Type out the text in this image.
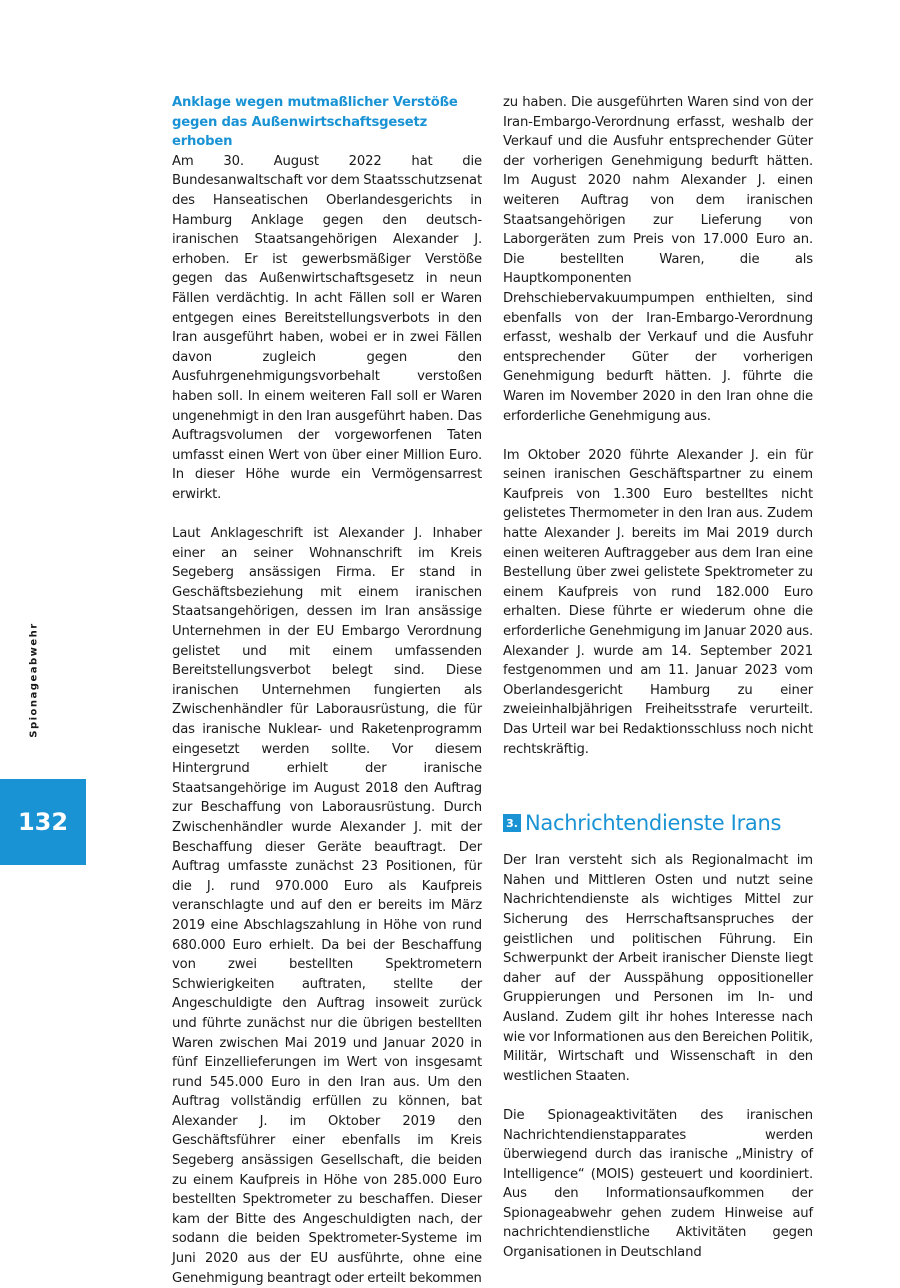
Spionageabwehr
132
Anklage wegen mutmaßlicher Verstöße
gegen das Außenwirtschaftsgesetz erhoben

Am 30. August 2022 hat die Bundesanwaltschaft vor dem Staatsschutzsenat des Hanseatischen Oberlandesgerichts in Hamburg Anklage gegen den deutsch-iranischen Staatsangehörigen Alexander J. erhoben. Er ist gewerbsmäßiger Verstöße gegen das Außenwirtschaftsgesetz in neun Fällen verdächtig. In acht Fällen soll er Waren entgegen eines Bereitstellungsverbots in den Iran ausgeführt haben, wobei er in zwei Fällen davon zugleich gegen den Ausfuhrgenehmigungsvorbehalt verstoßen haben soll. In einem weiteren Fall soll er Waren ungenehmigt in den Iran ausgeführt haben. Das Auftragsvolumen der vorgeworfenen Taten umfasst einen Wert von über einer Million Euro. In dieser Höhe wurde ein Vermögensarrest erwirkt.

Laut Anklageschrift ist Alexander J. Inhaber einer an seiner Wohnanschrift im Kreis Segeberg ansässigen Firma. Er stand in Geschäftsbeziehung mit einem iranischen Staatsangehörigen, dessen im Iran ansässige Unternehmen in der EU Embargo Verordnung gelistet und mit einem umfassenden Bereitstellungsverbot belegt sind. Diese iranischen Unternehmen fungierten als Zwischenhändler für Laborausrüstung, die für das iranische Nuklear- und Raketenprogramm eingesetzt werden sollte. Vor diesem Hintergrund erhielt der iranische Staatsangehörige im August 2018 den Auftrag zur Beschaffung von Laborausrüstung. Durch Zwischenhändler wurde Alexander J. mit der Beschaffung dieser Geräte beauftragt. Der Auftrag umfasste zunächst 23 Positionen, für die J. rund 970.000 Euro als Kaufpreis veranschlagte und auf den er bereits im März 2019 eine Abschlagszahlung in Höhe von rund 680.000 Euro erhielt. Da bei der Beschaffung von zwei bestellten Spektrometern Schwierigkeiten auftraten, stellte der Angeschuldigte den Auftrag insoweit zurück und führte zunächst nur die übrigen bestellten Waren zwischen Mai 2019 und Januar 2020 in fünf Einzellieferungen im Wert von insgesamt rund 545.000 Euro in den Iran aus. Um den Auftrag vollständig erfüllen zu können, bat Alexander J. im Oktober 2019 den Geschäftsführer einer ebenfalls im Kreis Segeberg ansässigen Gesellschaft, die beiden zu einem Kaufpreis in Höhe von 285.000 Euro bestellten Spektrometer zu beschaffen. Dieser kam der Bitte des Angeschuldigten nach, der sodann die beiden Spektrometer-Systeme im Juni 2020 aus der EU ausführte, ohne eine Genehmigung beantragt oder erteilt bekommen

zu haben. Die ausgeführten Waren sind von der Iran-Embargo-Verordnung erfasst, weshalb der Verkauf und die Ausfuhr entsprechender Güter der vorherigen Genehmigung bedurft hätten. Im August 2020 nahm Alexander J. einen weiteren Auftrag von dem iranischen Staatsangehörigen zur Lieferung von Laborgeräten zum Preis von 17.000 Euro an. Die bestellten Waren, die als Hauptkomponenten Drehschiebervakuumpumpen enthielten, sind ebenfalls von der Iran-Embargo-Verordnung erfasst, weshalb der Verkauf und die Ausfuhr entsprechender Güter der vorherigen Genehmigung bedurft hätten. J. führte die Waren im November 2020 in den Iran ohne die erforderliche Genehmigung aus.

Im Oktober 2020 führte Alexander J. ein für seinen iranischen Geschäftspartner zu einem Kaufpreis von 1.300 Euro bestelltes nicht gelistetes Thermometer in den Iran aus. Zudem hatte Alexander J. bereits im Mai 2019 durch einen weiteren Auftraggeber aus dem Iran eine Bestellung über zwei gelistete Spektrometer zu einem Kaufpreis von rund 182.000 Euro erhalten. Diese führte er wiederum ohne die erforderliche Genehmigung im Januar 2020 aus. Alexander J. wurde am 14. September 2021 festgenommen und am 11. Januar 2023 vom Oberlandesgericht Hamburg zu einer zweieinhalbjährigen Freiheitsstrafe verurteilt. Das Urteil war bei Redaktionsschluss noch nicht rechtskräftig.

3. Nachrichtendienste Irans

Der Iran versteht sich als Regionalmacht im Nahen und Mittleren Osten und nutzt seine Nachrichtendienste als wichtiges Mittel zur Sicherung des Herrschaftsanspruches der geistlichen und politischen Führung. Ein Schwerpunkt der Arbeit iranischer Dienste liegt daher auf der Ausspähung oppositioneller Gruppierungen und Personen im In- und Ausland. Zudem gilt ihr hohes Interesse nach wie vor Informationen aus den Bereichen Politik, Militär, Wirtschaft und Wissenschaft in den westlichen Staaten.

Die Spionageaktivitäten des iranischen Nachrichtendienstapparates werden überwiegend durch das iranische „Ministry of Intelligence“ (MOIS) gesteuert und koordiniert. Aus den Informationsaufkommen der Spionageabwehr gehen zudem Hinweise auf nachrichtendienstliche Aktivitäten gegen Organisationen in Deutschland
